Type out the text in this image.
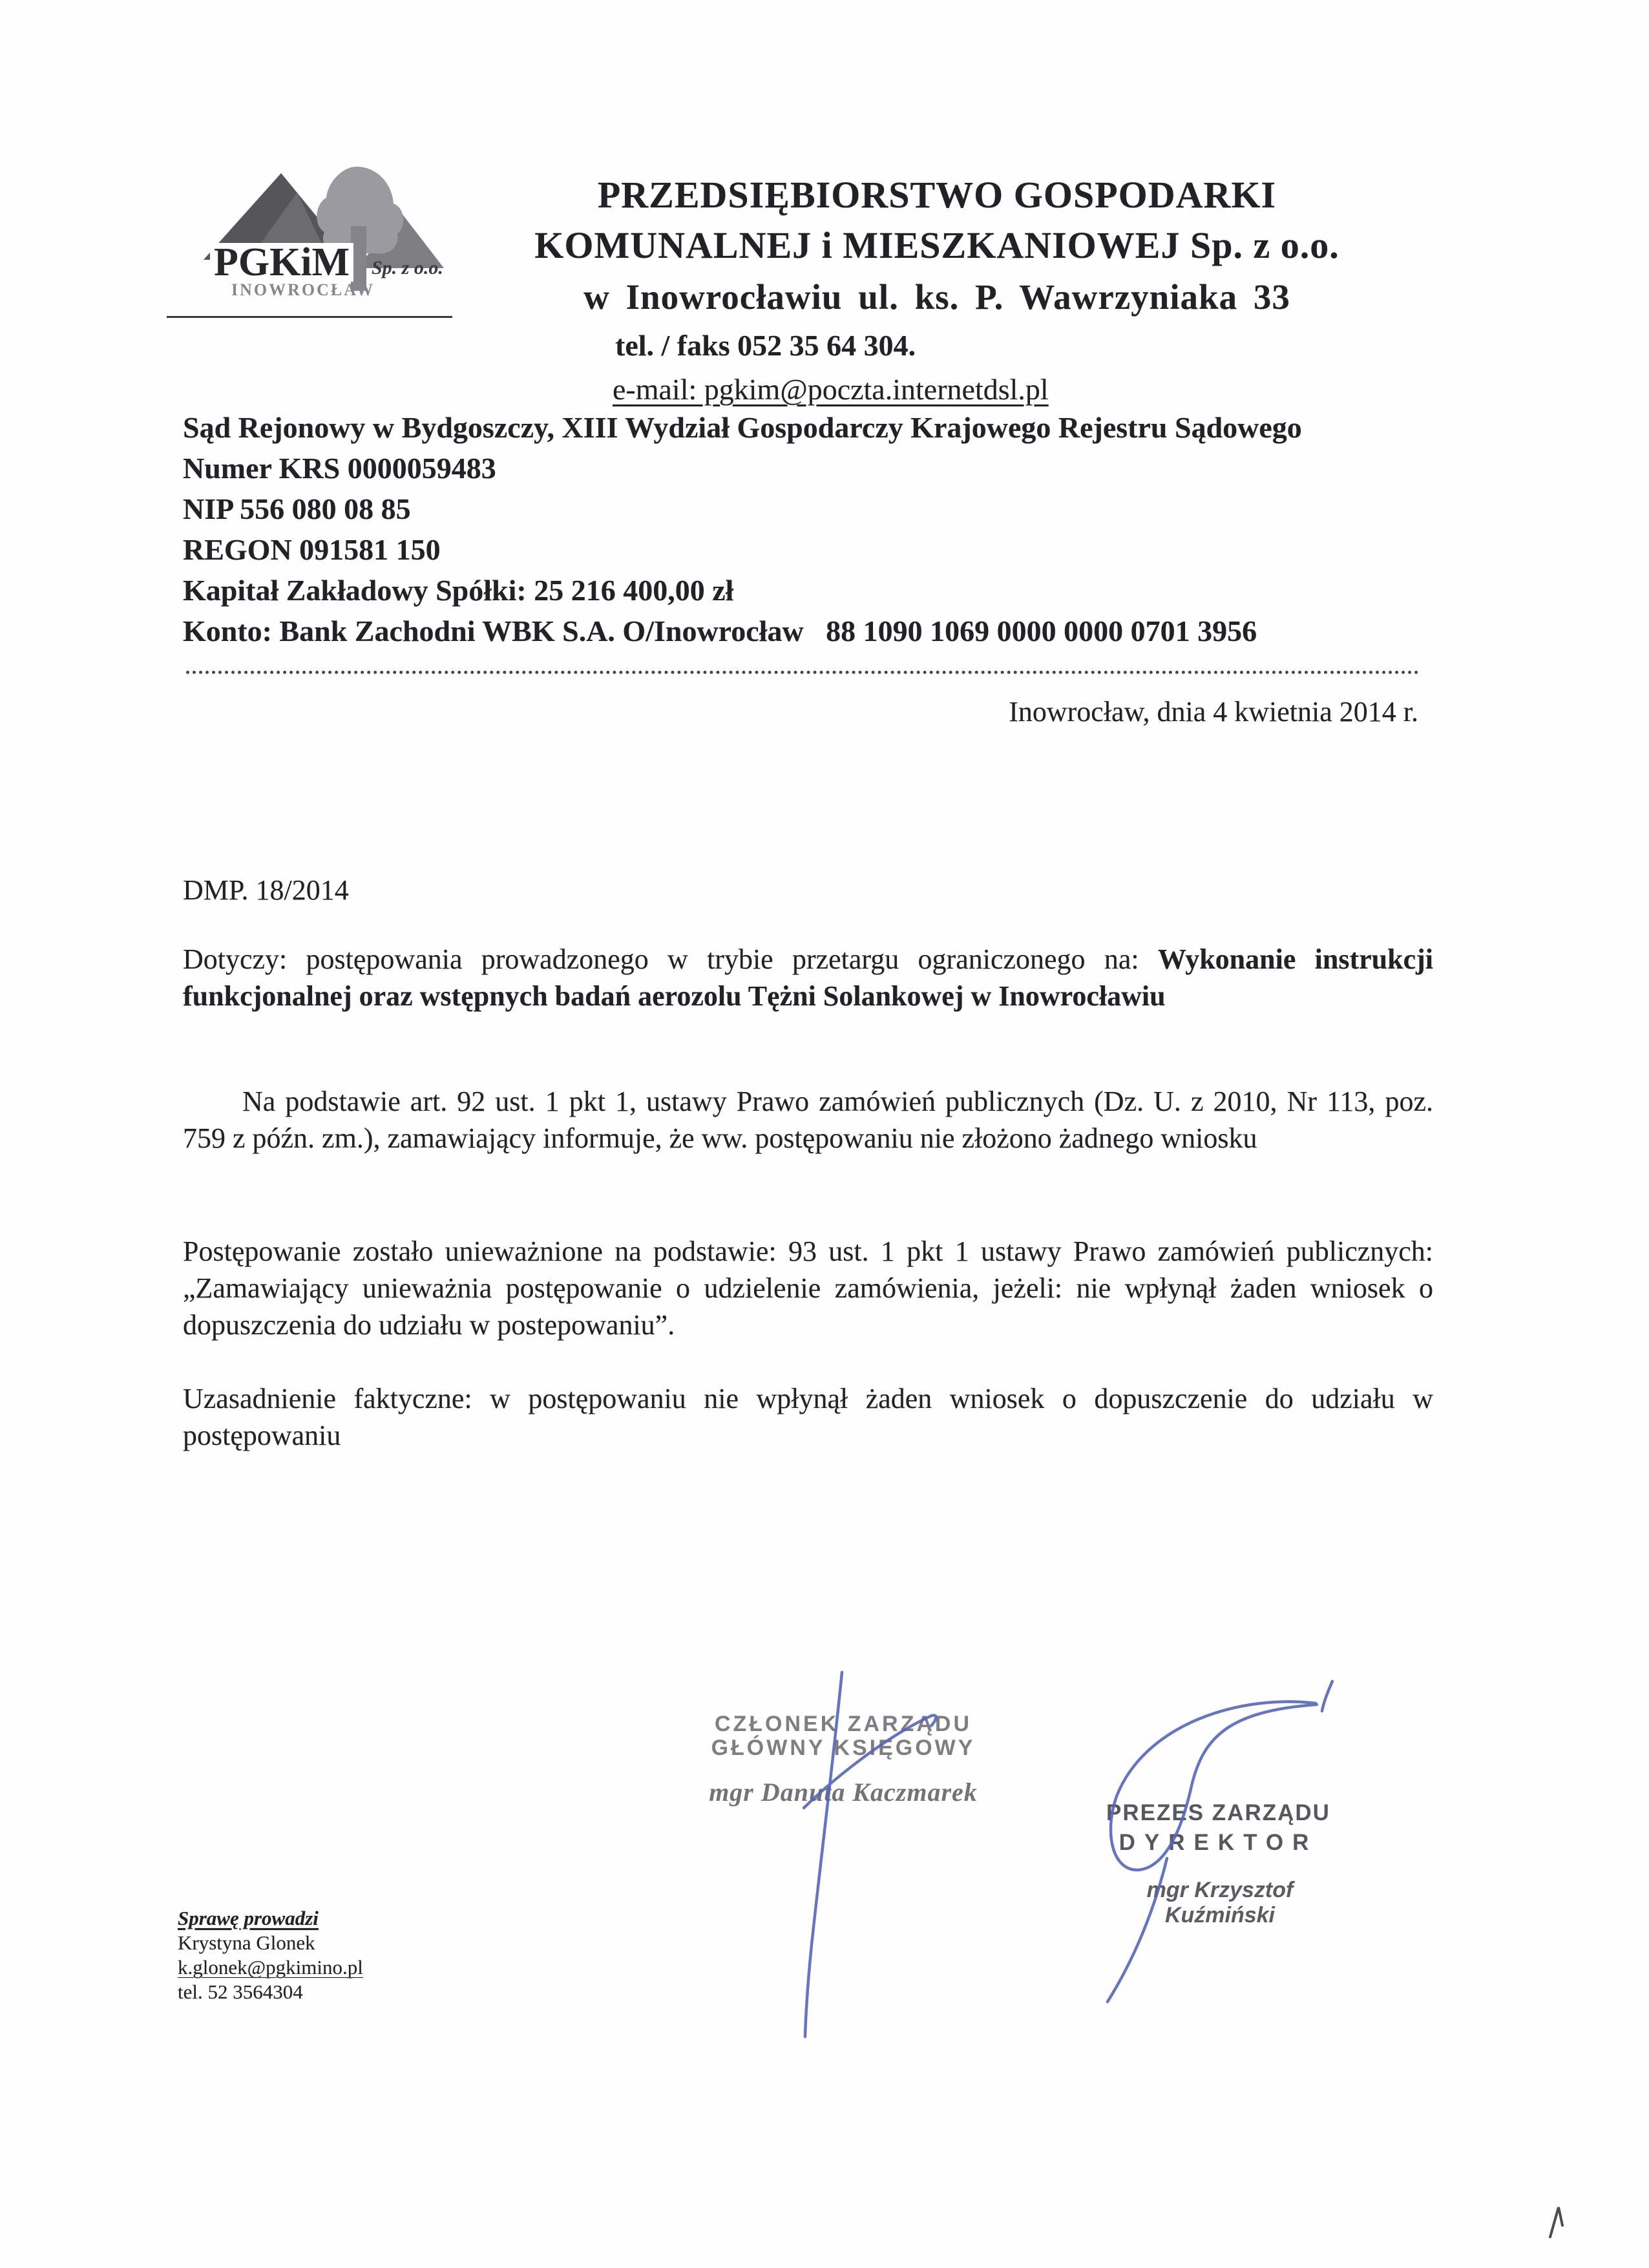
PGKiM Sp. z o.o.
INOWROCŁAW
PRZEDSIĘBIORSTWO GOSPODARKI
KOMUNALNEJ i MIESZKANIOWEJ Sp. z o.o.
w Inowrocławiu ul. ks. P. Wawrzyniaka 33
tel. / faks 052 35 64 304.
e-mail: pgkim@poczta.internetdsl.pl
Sąd Rejonowy w Bydgoszczy, XIII Wydział Gospodarczy Krajowego Rejestru Sądowego
Numer KRS 0000059483
NIP 556 080 08 85
REGON 091581 150
Kapitał Zakładowy Spółki: 25 216 400,00 zł
Konto: Bank Zachodni WBK S.A. O/Inowrocław   88 1090 1069 0000 0000 0701 3956
Inowrocław, dnia 4 kwietnia 2014 r.
DMP. 18/2014
Dotyczy: postępowania prowadzonego w trybie przetargu ograniczonego na: Wykonanie instrukcji funkcjonalnej oraz wstępnych badań aerozolu Tężni Solankowej w Inowrocławiu
Na podstawie art. 92 ust. 1 pkt 1, ustawy Prawo zamówień publicznych (Dz. U. z 2010, Nr 113, poz. 759 z późn. zm.), zamawiający informuje, że ww. postępowaniu nie złożono żadnego wniosku
Postępowanie zostało unieważnione na podstawie: 93 ust. 1 pkt 1 ustawy Prawo zamówień publicznych: „Zamawiający unieważnia postępowanie o udzielenie zamówienia, jeżeli: nie wpłynął żaden wniosek o dopuszczenia do udziału w postepowaniu”.
Uzasadnienie faktyczne: w postępowaniu nie wpłynął żaden wniosek o dopuszczenie do udziału w postępowaniu
CZŁONEK ZARZĄDU
GŁÓWNY KSIĘGOWY
mgr Danuta Kaczmarek
PREZES ZARZĄDU
DYREKTOR
mgr Krzysztof Kuźmiński
Sprawę prowadzi
Krystyna Glonek
k.glonek@pgkimino.pl
tel. 52 3564304
